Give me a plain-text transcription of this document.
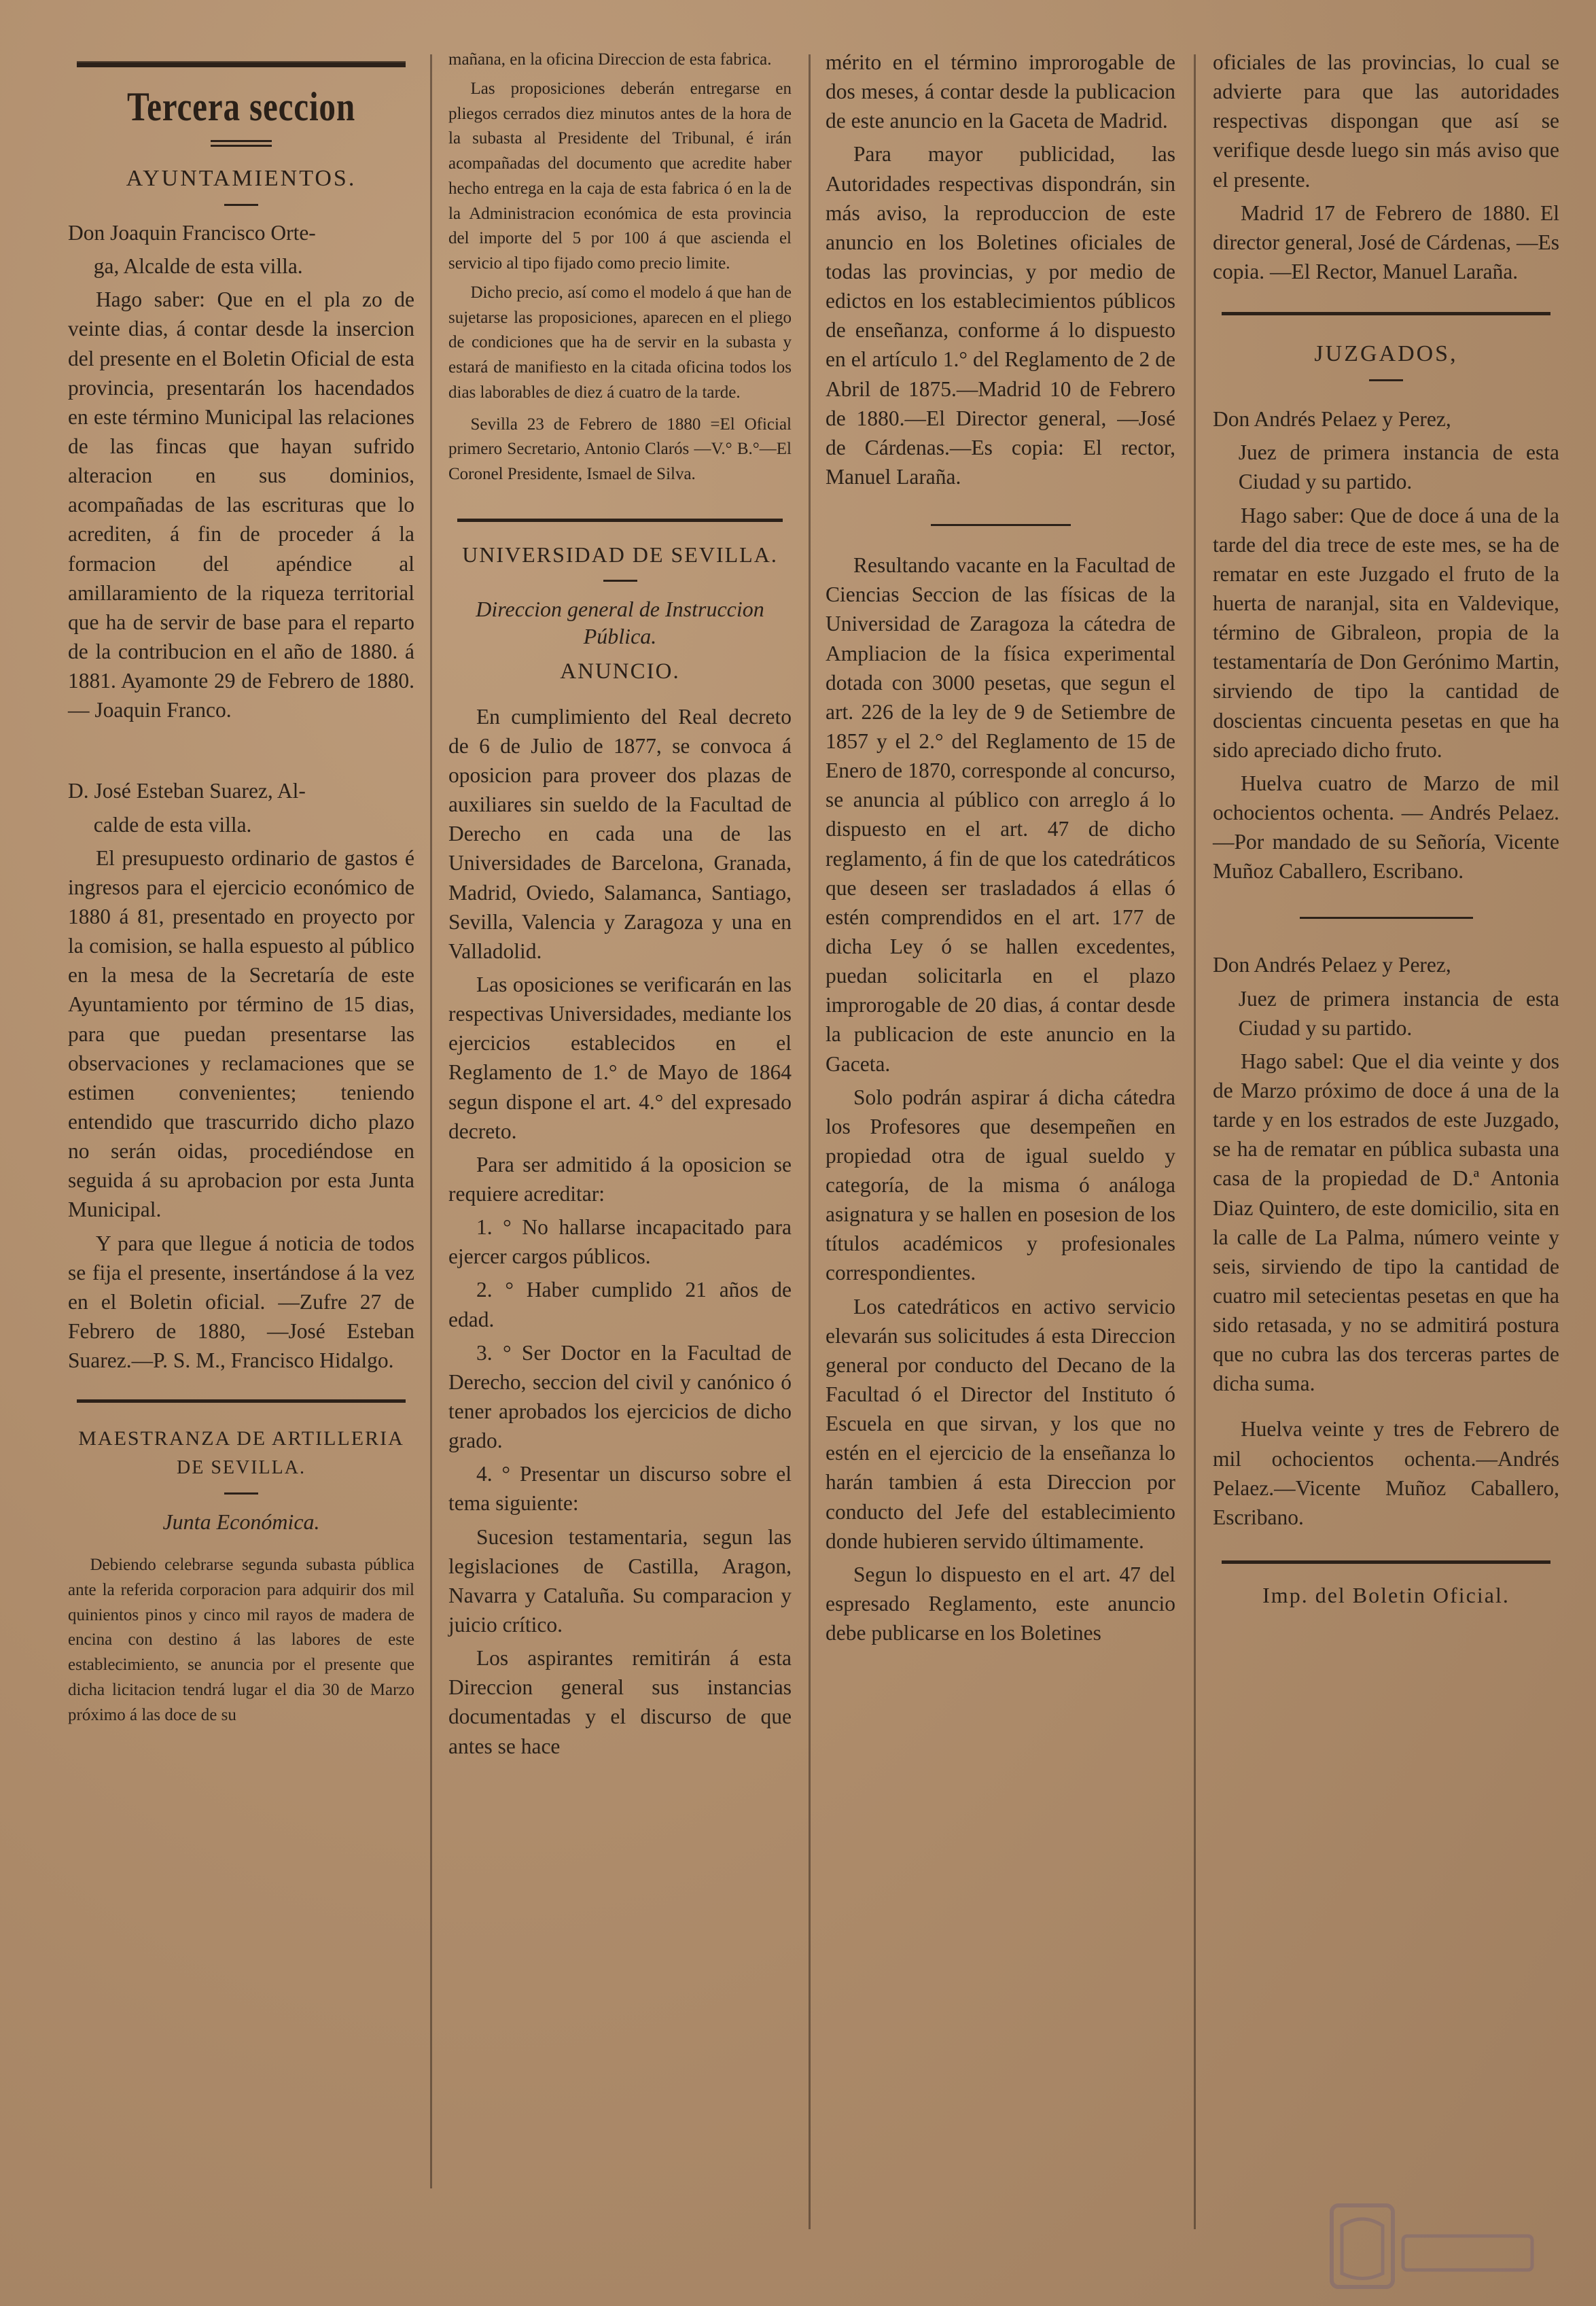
Tercera seccion
AYUNTAMIENTOS.

Don Joaquin Francisco Orte-

ga, Alcalde de esta villa.

Hago saber: Que en el pla zo de veinte dias, á contar desde la insercion del presente en el Boletin Oficial de esta provincia, presentarán los hacendados en este término Municipal las relaciones de las fincas que hayan sufrido alteracion en sus dominios, acompañadas de las escrituras que lo acrediten, á fin de proceder á la formacion del apéndice al amillaramiento de la riqueza territorial que ha de servir de base para el reparto de la contribucion en el año de 1880. á 1881. Ayamonte 29 de Febrero de 1880. — Joaquin Franco.

D. José Esteban Suarez, Al-

calde de esta villa.

El presupuesto ordinario de gastos é ingresos para el ejercicio económico de 1880 á 81, presentado en proyecto por la comision, se halla espuesto al público en la mesa de la Secretaría de este Ayuntamiento por término de 15 dias, para que puedan presentarse las observaciones y reclamaciones que se estimen convenientes; teniendo entendido que trascurrido dicho plazo no serán oidas, procediéndose en seguida á su aprobacion por esta Junta Municipal.

Y para que llegue á noticia de todos se fija el presente, insertándose á la vez en el Boletin oficial. —Zufre 27 de Febrero de 1880, —José Esteban Suarez.—P. S. M., Francisco Hidalgo.

MAESTRANZA DE ARTILLERIA
DE SEVILLA.
Junta Económica.

Debiendo celebrarse segunda subasta pública ante la referida corporacion para adquirir dos mil quinientos pinos y cinco mil rayos de madera de encina con destino á las labores de este establecimiento, se anuncia por el presente que dicha licitacion tendrá lugar el dia 30 de Marzo próximo á las doce de su

mañana, en la oficina Direccion de esta fabrica.

Las proposiciones deberán entregarse en pliegos cerrados diez minutos antes de la hora de la subasta al Presidente del Tribunal, é irán acompañadas del documento que acredite haber hecho entrega en la caja de esta fabrica ó en la de la Administracion económica de esta provincia del importe del 5 por 100 á que ascienda el servicio al tipo fijado como precio limite.

Dicho precio, así como el modelo á que han de sujetarse las proposiciones, aparecen en el pliego de condiciones que ha de servir en la subasta y estará de manifiesto en la citada oficina todos los dias laborables de diez á cuatro de la tarde.

Sevilla 23 de Febrero de 1880 =El Oficial primero Secretario, Antonio Clarós —V.° B.°—El Coronel Presidente, Ismael de Silva.

UNIVERSIDAD DE SEVILLA.
Direccion general de Instruccion Pública.
ANUNCIO.

En cumplimiento del Real decreto de 6 de Julio de 1877, se convoca á oposicion para proveer dos plazas de auxiliares sin sueldo de la Facultad de Derecho en cada una de las Universidades de Barcelona, Granada, Madrid, Oviedo, Salamanca, Santiago, Sevilla, Valencia y Zaragoza y una en Valladolid.

Las oposiciones se verificarán en las respectivas Universidades, mediante los ejercicios establecidos en el Reglamento de 1.° de Mayo de 1864 segun dispone el art. 4.° del expresado decreto.

Para ser admitido á la oposicion se requiere acreditar:

1. ° No hallarse incapacitado para ejercer cargos públicos.

2. ° Haber cumplido 21 años de edad.

3. ° Ser Doctor en la Facultad de Derecho, seccion del civil y canónico ó tener aprobados los ejercicios de dicho grado.

4. ° Presentar un discurso sobre el tema siguiente:

Sucesion testamentaria, segun las legislaciones de Castilla, Aragon, Navarra y Cataluña. Su comparacion y juicio crítico.

Los aspirantes remitirán á esta Direccion general sus instancias documentadas y el discurso de que antes se hace

mérito en el término improrogable de dos meses, á contar desde la publicacion de este anuncio en la Gaceta de Madrid.

Para mayor publicidad, las Autoridades respectivas dispondrán, sin más aviso, la reproduccion de este anuncio en los Boletines oficiales de todas las provincias, y por medio de edictos en los establecimientos públicos de enseñanza, conforme á lo dispuesto en el artículo 1.° del Reglamento de 2 de Abril de 1875.—Madrid 10 de Febrero de 1880.—El Director general, —José de Cárdenas.—Es copia: El rector, Manuel Laraña.

Resultando vacante en la Facultad de Ciencias Seccion de las físicas de la Universidad de Zaragoza la cátedra de Ampliacion de la física experimental dotada con 3000 pesetas, que segun el art. 226 de la ley de 9 de Setiembre de 1857 y el 2.° del Reglamento de 15 de Enero de 1870, corresponde al concurso, se anuncia al público con arreglo á lo dispuesto en el art. 47 de dicho reglamento, á fin de que los catedráticos que deseen ser trasladados á ellas ó estén comprendidos en el art. 177 de dicha Ley ó se hallen excedentes, puedan solicitarla en el plazo improrogable de 20 dias, á contar desde la publicacion de este anuncio en la Gaceta.

Solo podrán aspirar á dicha cátedra los Profesores que desempeñen en propiedad otra de igual sueldo y categoría, de la misma ó análoga asignatura y se hallen en posesion de los títulos académicos y profesionales correspondientes.

Los catedráticos en activo servicio elevarán sus solicitudes á esta Direccion general por conducto del Decano de la Facultad ó el Director del Instituto ó Escuela en que sirvan, y los que no estén en el ejercicio de la enseñanza lo harán tambien á esta Direccion por conducto del Jefe del establecimiento donde hubieren servido últimamente.

Segun lo dispuesto en el art. 47 del espresado Reglamento, este anuncio debe publicarse en los Boletines

oficiales de las provincias, lo cual se advierte para que las autoridades respectivas dispongan que así se verifique desde luego sin más aviso que el presente.

Madrid 17 de Febrero de 1880. El director general, José de Cárdenas, —Es copia. —El Rector, Manuel Laraña.

JUZGADOS,

Don Andrés Pelaez y Perez,

Juez de primera instancia de esta Ciudad y su partido.

Hago saber: Que de doce á una de la tarde del dia trece de este mes, se ha de rematar en este Juzgado el fruto de la huerta de naranjal, sita en Valdevique, término de Gibraleon, propia de la testamentaría de Don Gerónimo Martin, sirviendo de tipo la cantidad de doscientas cincuenta pesetas en que ha sido apreciado dicho fruto.

Huelva cuatro de Marzo de mil ochocientos ochenta. — Andrés Pelaez.—Por mandado de su Señoría, Vicente Muñoz Caballero, Escribano.

Don Andrés Pelaez y Perez,

Juez de primera instancia de esta Ciudad y su partido.

Hago sabel: Que el dia veinte y dos de Marzo próximo de doce á una de la tarde y en los estrados de este Juzgado, se ha de rematar en pública subasta una casa de la propiedad de D.ª Antonia Diaz Quintero, de este domicilio, sita en la calle de La Palma, número veinte y seis, sirviendo de tipo la cantidad de cuatro mil setecientas pesetas en que ha sido retasada, y no se admitirá postura que no cubra las dos terceras partes de dicha suma.

Huelva veinte y tres de Febrero de mil ochocientos ochenta.—Andrés Pelaez.—Vicente Muñoz Caballero, Escribano.

Imp. del Boletin Oficial.
